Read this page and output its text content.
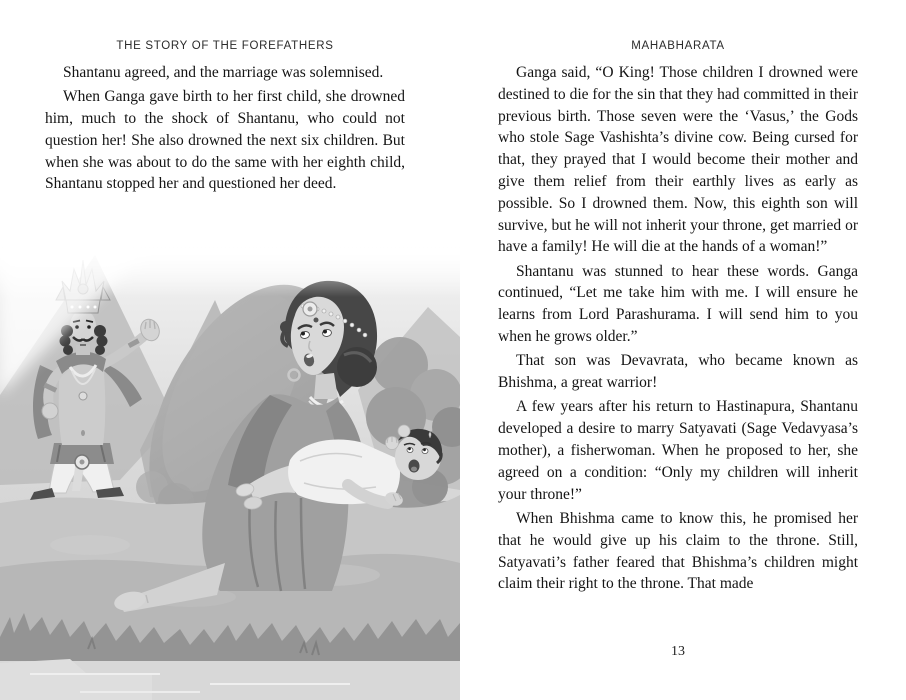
THE STORY OF THE FOREFATHERS

Shantanu agreed, and the marriage was solemnised.

When Ganga gave birth to her first child, she drowned him, much to the shock of Shantanu, who could not question her! She also drowned the next six children. But when she was about to do the same with her eighth child, Shantanu stopped her and questioned her deed.

MAHABHARATA

Ganga said, “O King! Those children I drowned were destined to die for the sin that they had committed in their previous birth. Those seven were the ‘Vasus,’ the Gods who stole Sage Vashishta’s divine cow. Being cursed for that, they prayed that I would become their mother and give them relief from their earthly lives as early as possible. So I drowned them. Now, this eighth son will survive, but he will not inherit your throne, get married or have a family! He will die at the hands of a woman!”

Shantanu was stunned to hear these words. Ganga continued, “Let me take him with me. I will ensure he learns from Lord Parashurama. I will send him to you when he grows older.”

That son was Devavrata, who became known as Bhishma, a great warrior!

A few years after his return to Hastinapura, Shantanu developed a desire to marry Satyavati (Sage Vedavyasa’s mother), a fisherwoman. When he proposed to her, she agreed on a condition: “Only my children will inherit your throne!”

When Bhishma came to know this, he promised her that he would give up his claim to the throne. Still, Satyavati’s father feared that Bhishma’s children might claim their right to the throne. That made

13
